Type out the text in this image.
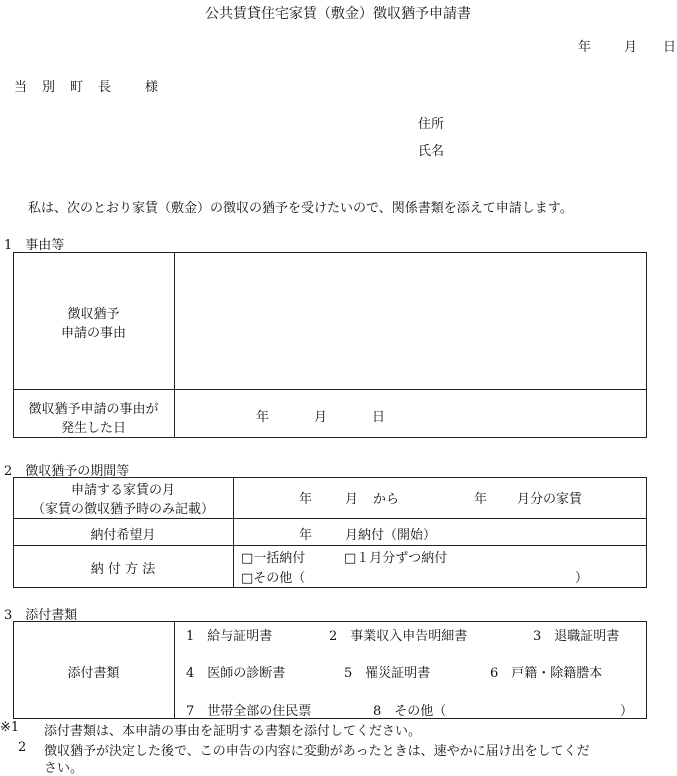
公共賃貸住宅家賃（敷金）徴収猶予申請書
年	月 日
当 別 町 長	様
住所
氏名
私は、次のとおり家賃（敷金）の徴収の猶予を受けたいので、関係書類を添えて申請します。
1　事由等
徴収猶予
申請の事由
徴収猶予申請の事由が
発生した日
年	月	日
2　徴収猶予の期間等
申請する家賃の月
（家賃の徴収猶予時のみ記載）
年	月 から	年 月分の家賃
納付希望月	年	月納付（開始）
納 付 方 法
□一括納付	□１月分ずつ納付
□その他（	）
3　添付書類
添付書類
1　給与証明書	2　事業収入申告明細書	3　退職証明書
4　医師の診断書	5　罹災証明書	6　戸籍・除籍謄本
7　世帯全部の住民票	8　その他（	）
※1 添付書類は、本申請の事由を証明する書類を添付してください。
2 徴収猶予が決定した後で、この申告の内容に変動があったときは、速やかに届け出をしてくだ
さい。
